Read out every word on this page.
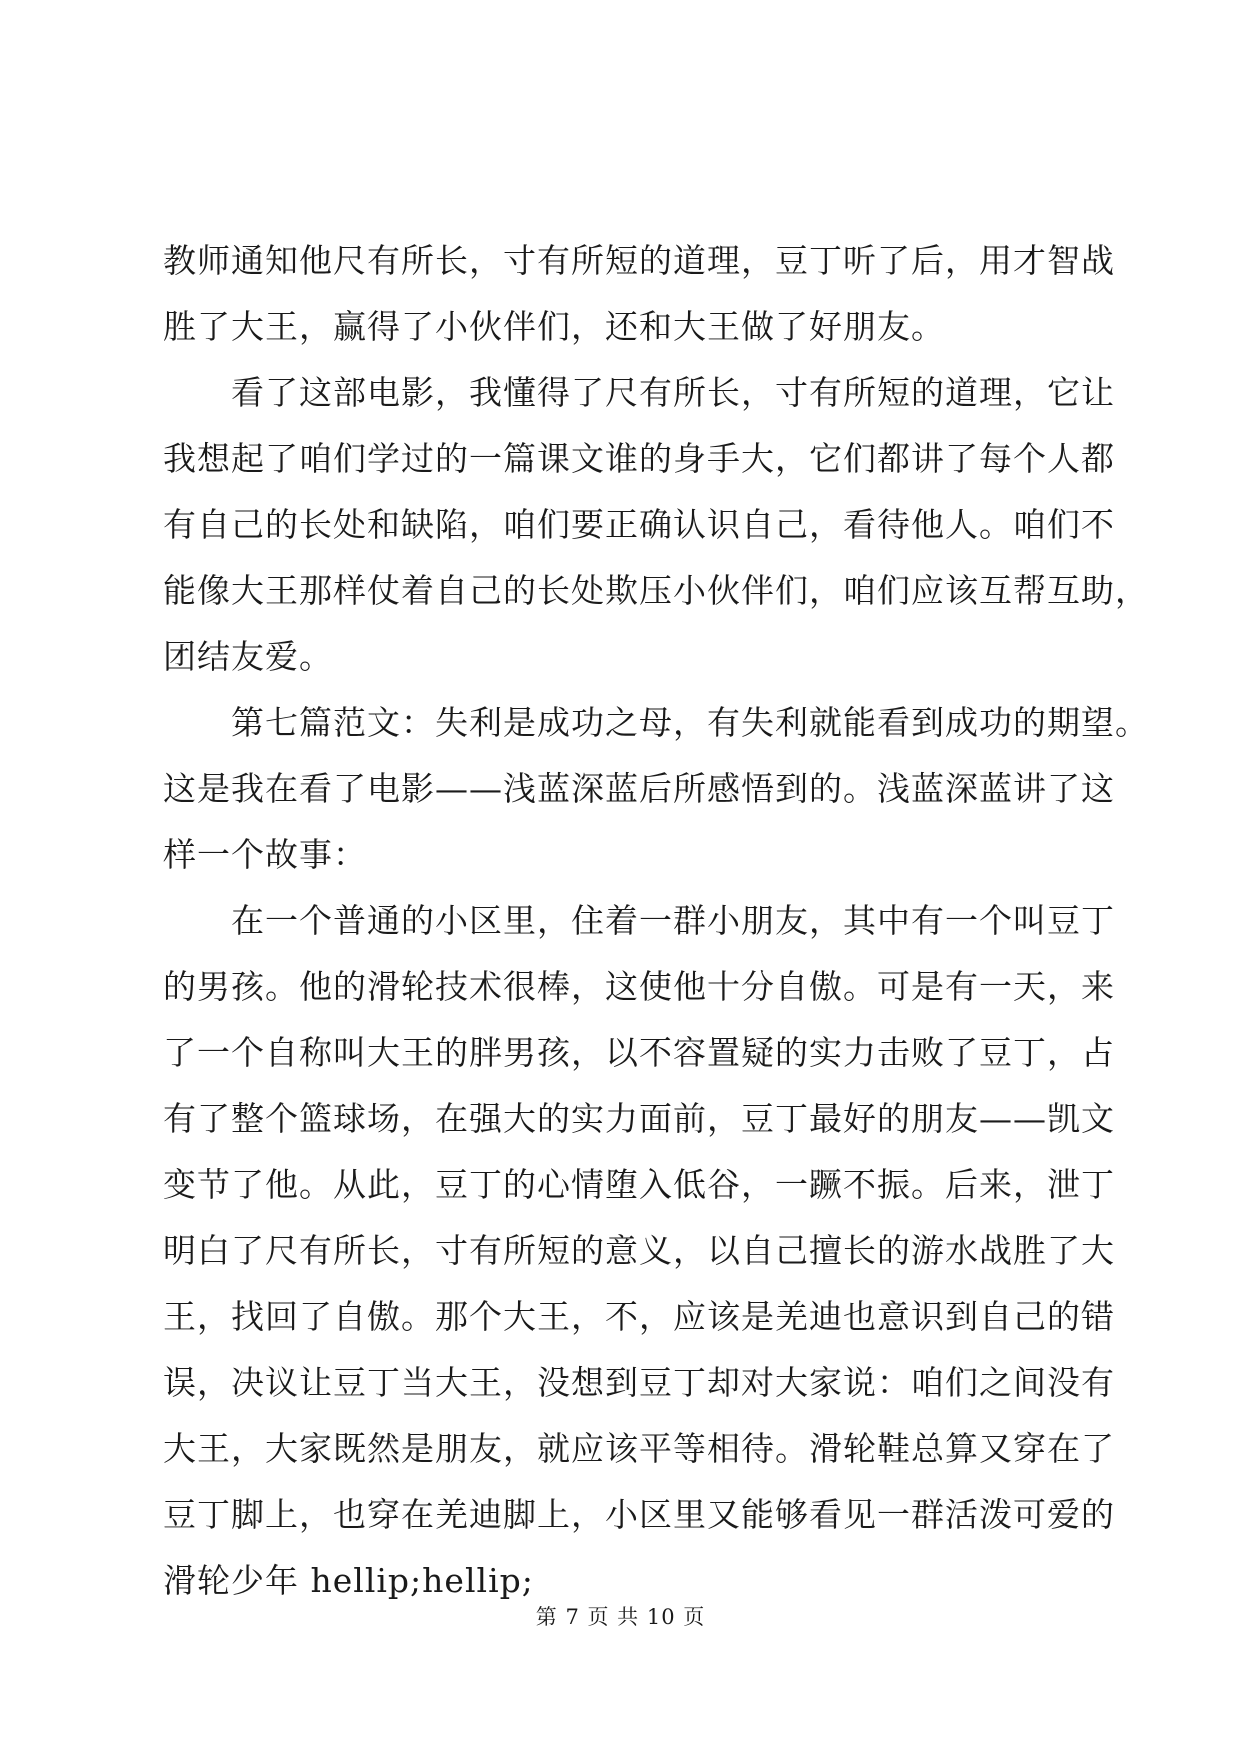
教师通知他尺有所长，寸有所短的道理，豆丁听了后，用才智战
胜了大王，赢得了小伙伴们，还和大王做了好朋友。
看了这部电影，我懂得了尺有所长，寸有所短的道理，它让
我想起了咱们学过的一篇课文谁的身手大，它们都讲了每个人都
有自己的长处和缺陷，咱们要正确认识自己，看待他人。咱们不
能像大王那样仗着自己的长处欺压小伙伴们，咱们应该互帮互助，
团结友爱。
第七篇范文：失利是成功之母，有失利就能看到成功的期望。
这是我在看了电影——浅蓝深蓝后所感悟到的。浅蓝深蓝讲了这
样一个故事：
在一个普通的小区里，住着一群小朋友，其中有一个叫豆丁
的男孩。他的滑轮技术很棒，这使他十分自傲。可是有一天，来
了一个自称叫大王的胖男孩，以不容置疑的实力击败了豆丁，占
有了整个篮球场，在强大的实力面前，豆丁最好的朋友——凯文
变节了他。从此，豆丁的心情堕入低谷，一蹶不振。后来，泄丁
明白了尺有所长，寸有所短的意义，以自己擅长的游水战胜了大
王，找回了自傲。那个大王，不，应该是羌迪也意识到自己的错
误，决议让豆丁当大王，没想到豆丁却对大家说：咱们之间没有
大王，大家既然是朋友，就应该平等相待。滑轮鞋总算又穿在了
豆丁脚上，也穿在羌迪脚上，小区里又能够看见一群活泼可爱的
滑轮少年 hellip;hellip;
第 7 页 共 10 页
